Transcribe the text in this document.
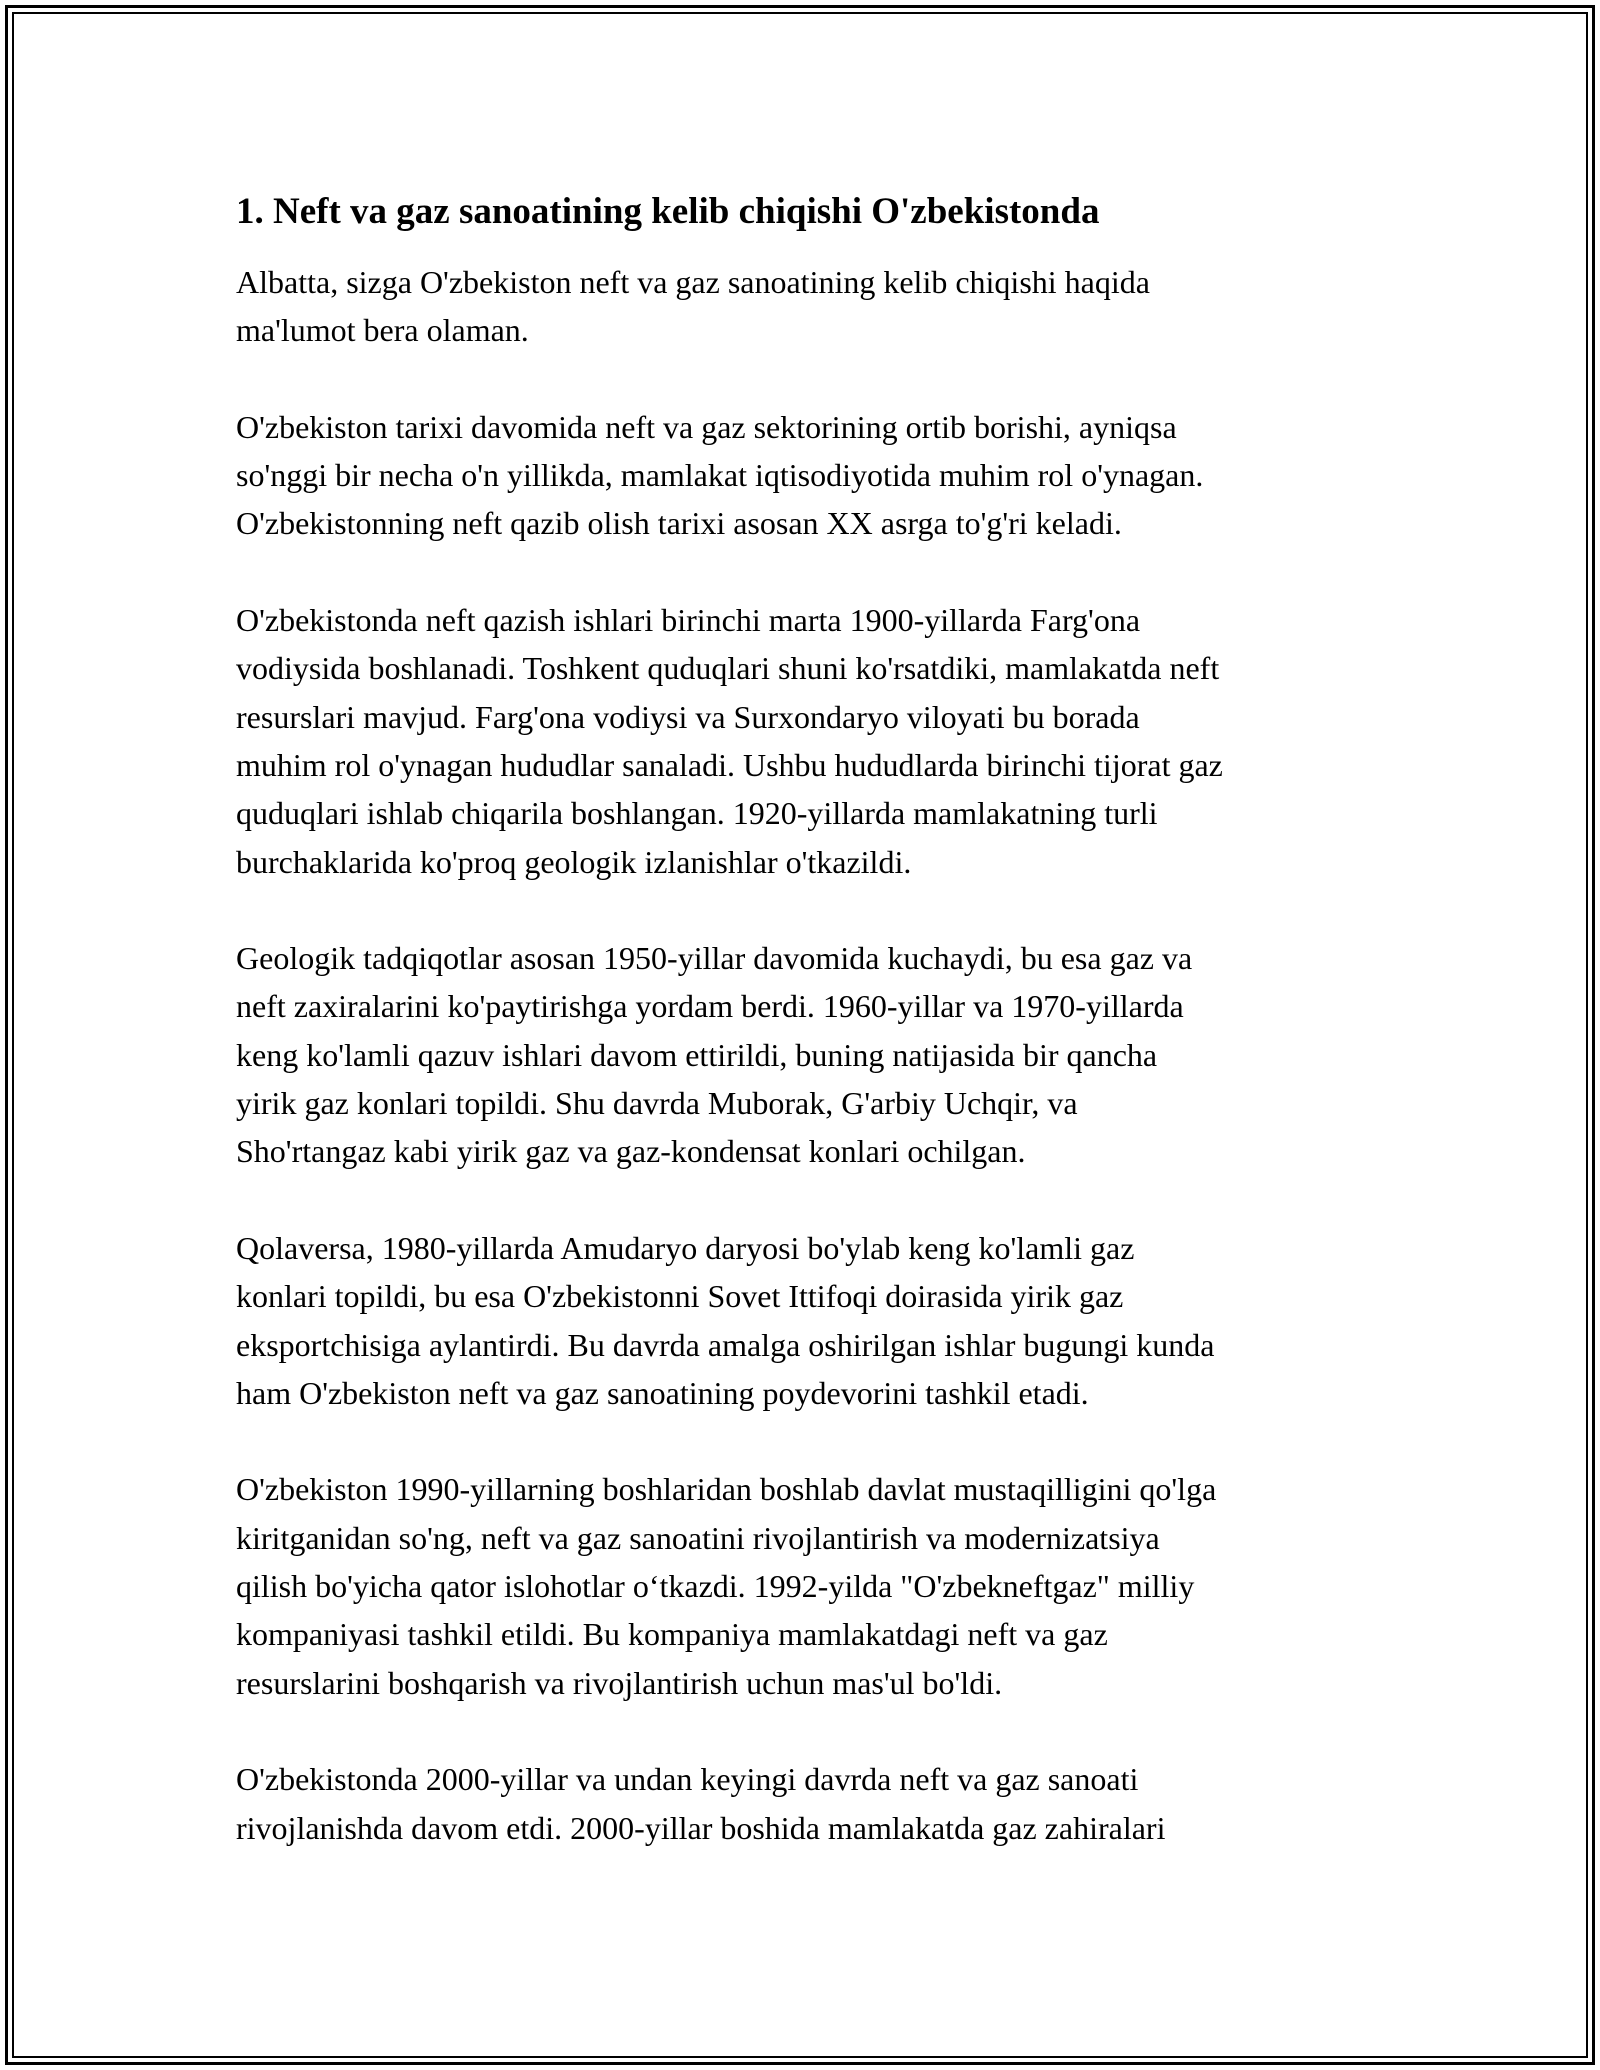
1. Neft va gaz sanoatining kelib chiqishi O'zbekistonda

Albatta, sizga O'zbekiston neft va gaz sanoatining kelib chiqishi haqida
ma'lumot bera olaman.

O'zbekiston tarixi davomida neft va gaz sektorining ortib borishi, ayniqsa
so'nggi bir necha o'n yillikda, mamlakat iqtisodiyotida muhim rol o'ynagan.
O'zbekistonning neft qazib olish tarixi asosan XX asrga to'g'ri keladi.

O'zbekistonda neft qazish ishlari birinchi marta 1900-yillarda Farg'ona
vodiysida boshlanadi. Toshkent quduqlari shuni ko'rsatdiki, mamlakatda neft
resurslari mavjud. Farg'ona vodiysi va Surxondaryo viloyati bu borada
muhim rol o'ynagan hududlar sanaladi. Ushbu hududlarda birinchi tijorat gaz
quduqlari ishlab chiqarila boshlangan. 1920-yillarda mamlakatning turli
burchaklarida ko'proq geologik izlanishlar o'tkazildi.

Geologik tadqiqotlar asosan 1950-yillar davomida kuchaydi, bu esa gaz va
neft zaxiralarini ko'paytirishga yordam berdi. 1960-yillar va 1970-yillarda
keng ko'lamli qazuv ishlari davom ettirildi, buning natijasida bir qancha
yirik gaz konlari topildi. Shu davrda Muborak, G'arbiy Uchqir, va
Sho'rtangaz kabi yirik gaz va gaz-kondensat konlari ochilgan.

Qolaversa, 1980-yillarda Amudaryo daryosi bo'ylab keng ko'lamli gaz
konlari topildi, bu esa O'zbekistonni Sovet Ittifoqi doirasida yirik gaz
eksportchisiga aylantirdi. Bu davrda amalga oshirilgan ishlar bugungi kunda
ham O'zbekiston neft va gaz sanoatining poydevorini tashkil etadi.

O'zbekiston 1990-yillarning boshlaridan boshlab davlat mustaqilligini qo'lga
kiritganidan so'ng, neft va gaz sanoatini rivojlantirish va modernizatsiya
qilish bo'yicha qator islohotlar o‘tkazdi. 1992-yilda "O'zbekneftgaz" milliy
kompaniyasi tashkil etildi. Bu kompaniya mamlakatdagi neft va gaz
resurslarini boshqarish va rivojlantirish uchun mas'ul bo'ldi.

O'zbekistonda 2000-yillar va undan keyingi davrda neft va gaz sanoati
rivojlanishda davom etdi. 2000-yillar boshida mamlakatda gaz zahiralari
